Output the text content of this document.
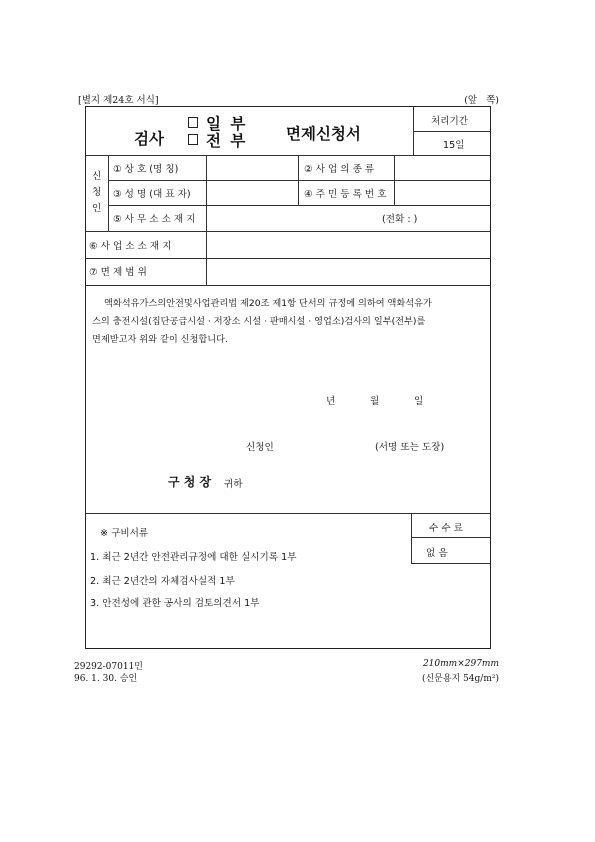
[별지 제24호 서식]	(앞 쪽)
검사
일 부
전 부 면제신청서
처리기간
15일
신
청
인
① 상 호 (명 칭)	② 사 업 의 종 류
③ 성 명 (대 표 자)	④ 주 민 등 록 번 호
⑤ 사 무 소 소 재 지	(전화 : )
⑥ 사 업 소 소 재 지
⑦ 면 제 범 위
액화석유가스의안전및사업관리법 제20조 제1항 단서의 규정에 의하여 액화석유가
스의 충전시설(집단공급시설 · 저장소 시설 · 판매시설 · 영업소)검사의 일부(전부)를
면제받고자 위와 같이 신청합니다.
년	월	일
신청인	(서명 또는 도장)
구 청 장 귀하
※ 구비서류
1. 최근 2년간 안전관리규정에 대한 실시기록 1부
2. 최근 2년간의 자체검사실적 1부
3. 안전성에 관한 공사의 검토의견서 1부
수 수 료
없 음
29292-07011민
96. 1. 30. 승인
210mm×297mm
(신문용지 54g/m²)
